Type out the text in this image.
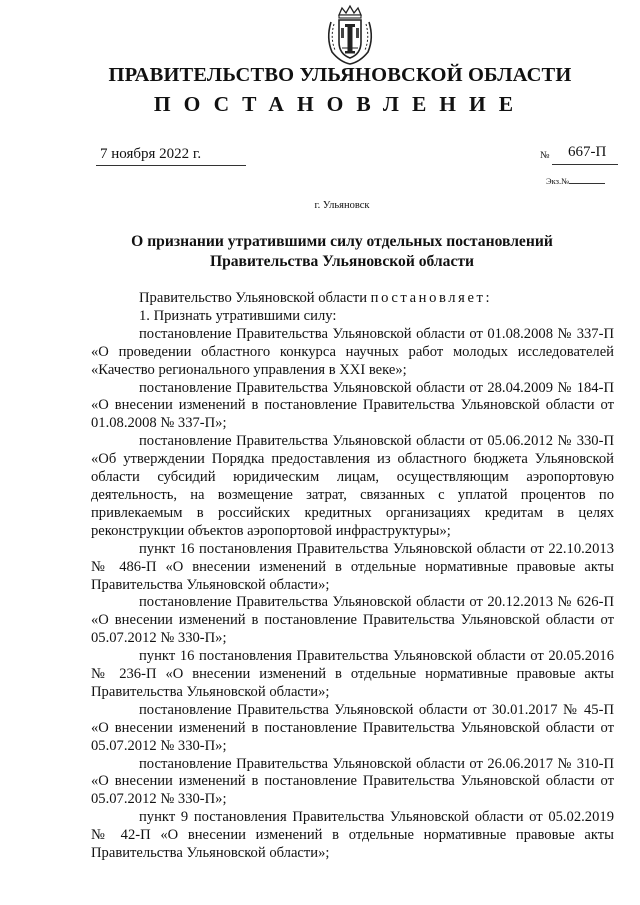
ПРАВИТЕЛЬСТВО УЛЬЯНОВСКОЙ ОБЛАСТИ
ПОСТАНОВЛЕНИЕ
7 ноября 2022 г.	№ 667-П
Экз.№

г. Ульяновск

О признании утратившими силу отдельных постановлений
Правительства Ульяновской области

Правительство Ульяновской области постановляет:

1. Признать утратившими силу:

постановление Правительства Ульяновской области от 01.08.2008 № 337-П «О проведении областного конкурса научных работ молодых исследователей «Качество регионального управления в XXI веке»;

постановление Правительства Ульяновской области от 28.04.2009 № 184-П «О внесении изменений в постановление Правительства Ульяновской области от 01.08.2008 № 337-П»;

постановление Правительства Ульяновской области от 05.06.2012 № 330-П «Об утверждении Порядка предоставления из областного бюджета Ульяновской области субсидий юридическим лицам, осуществляющим аэропортовую деятельность, на возмещение затрат, связанных с уплатой процентов по привлекаемым в российских кредитных организациях кредитам в целях реконструкции объектов аэропортовой инфраструктуры»;

пункт 16 постановления Правительства Ульяновской области от 22.10.2013 № 486-П «О внесении изменений в отдельные нормативные правовые акты Правительства Ульяновской области»;

постановление Правительства Ульяновской области от 20.12.2013 № 626-П «О внесении изменений в постановление Правительства Ульяновской области от 05.07.2012 № 330-П»;

пункт 16 постановления Правительства Ульяновской области от 20.05.2016 № 236-П «О внесении изменений в отдельные нормативные правовые акты Правительства Ульяновской области»;

постановление Правительства Ульяновской области от 30.01.2017 № 45-П «О внесении изменений в постановление Правительства Ульяновской области от 05.07.2012 № 330-П»;

постановление Правительства Ульяновской области от 26.06.2017 № 310-П «О внесении изменений в постановление Правительства Ульяновской области от 05.07.2012 № 330-П»;

пункт 9 постановления Правительства Ульяновской области от 05.02.2019 № 42-П «О внесении изменений в отдельные нормативные правовые акты Правительства Ульяновской области»;
